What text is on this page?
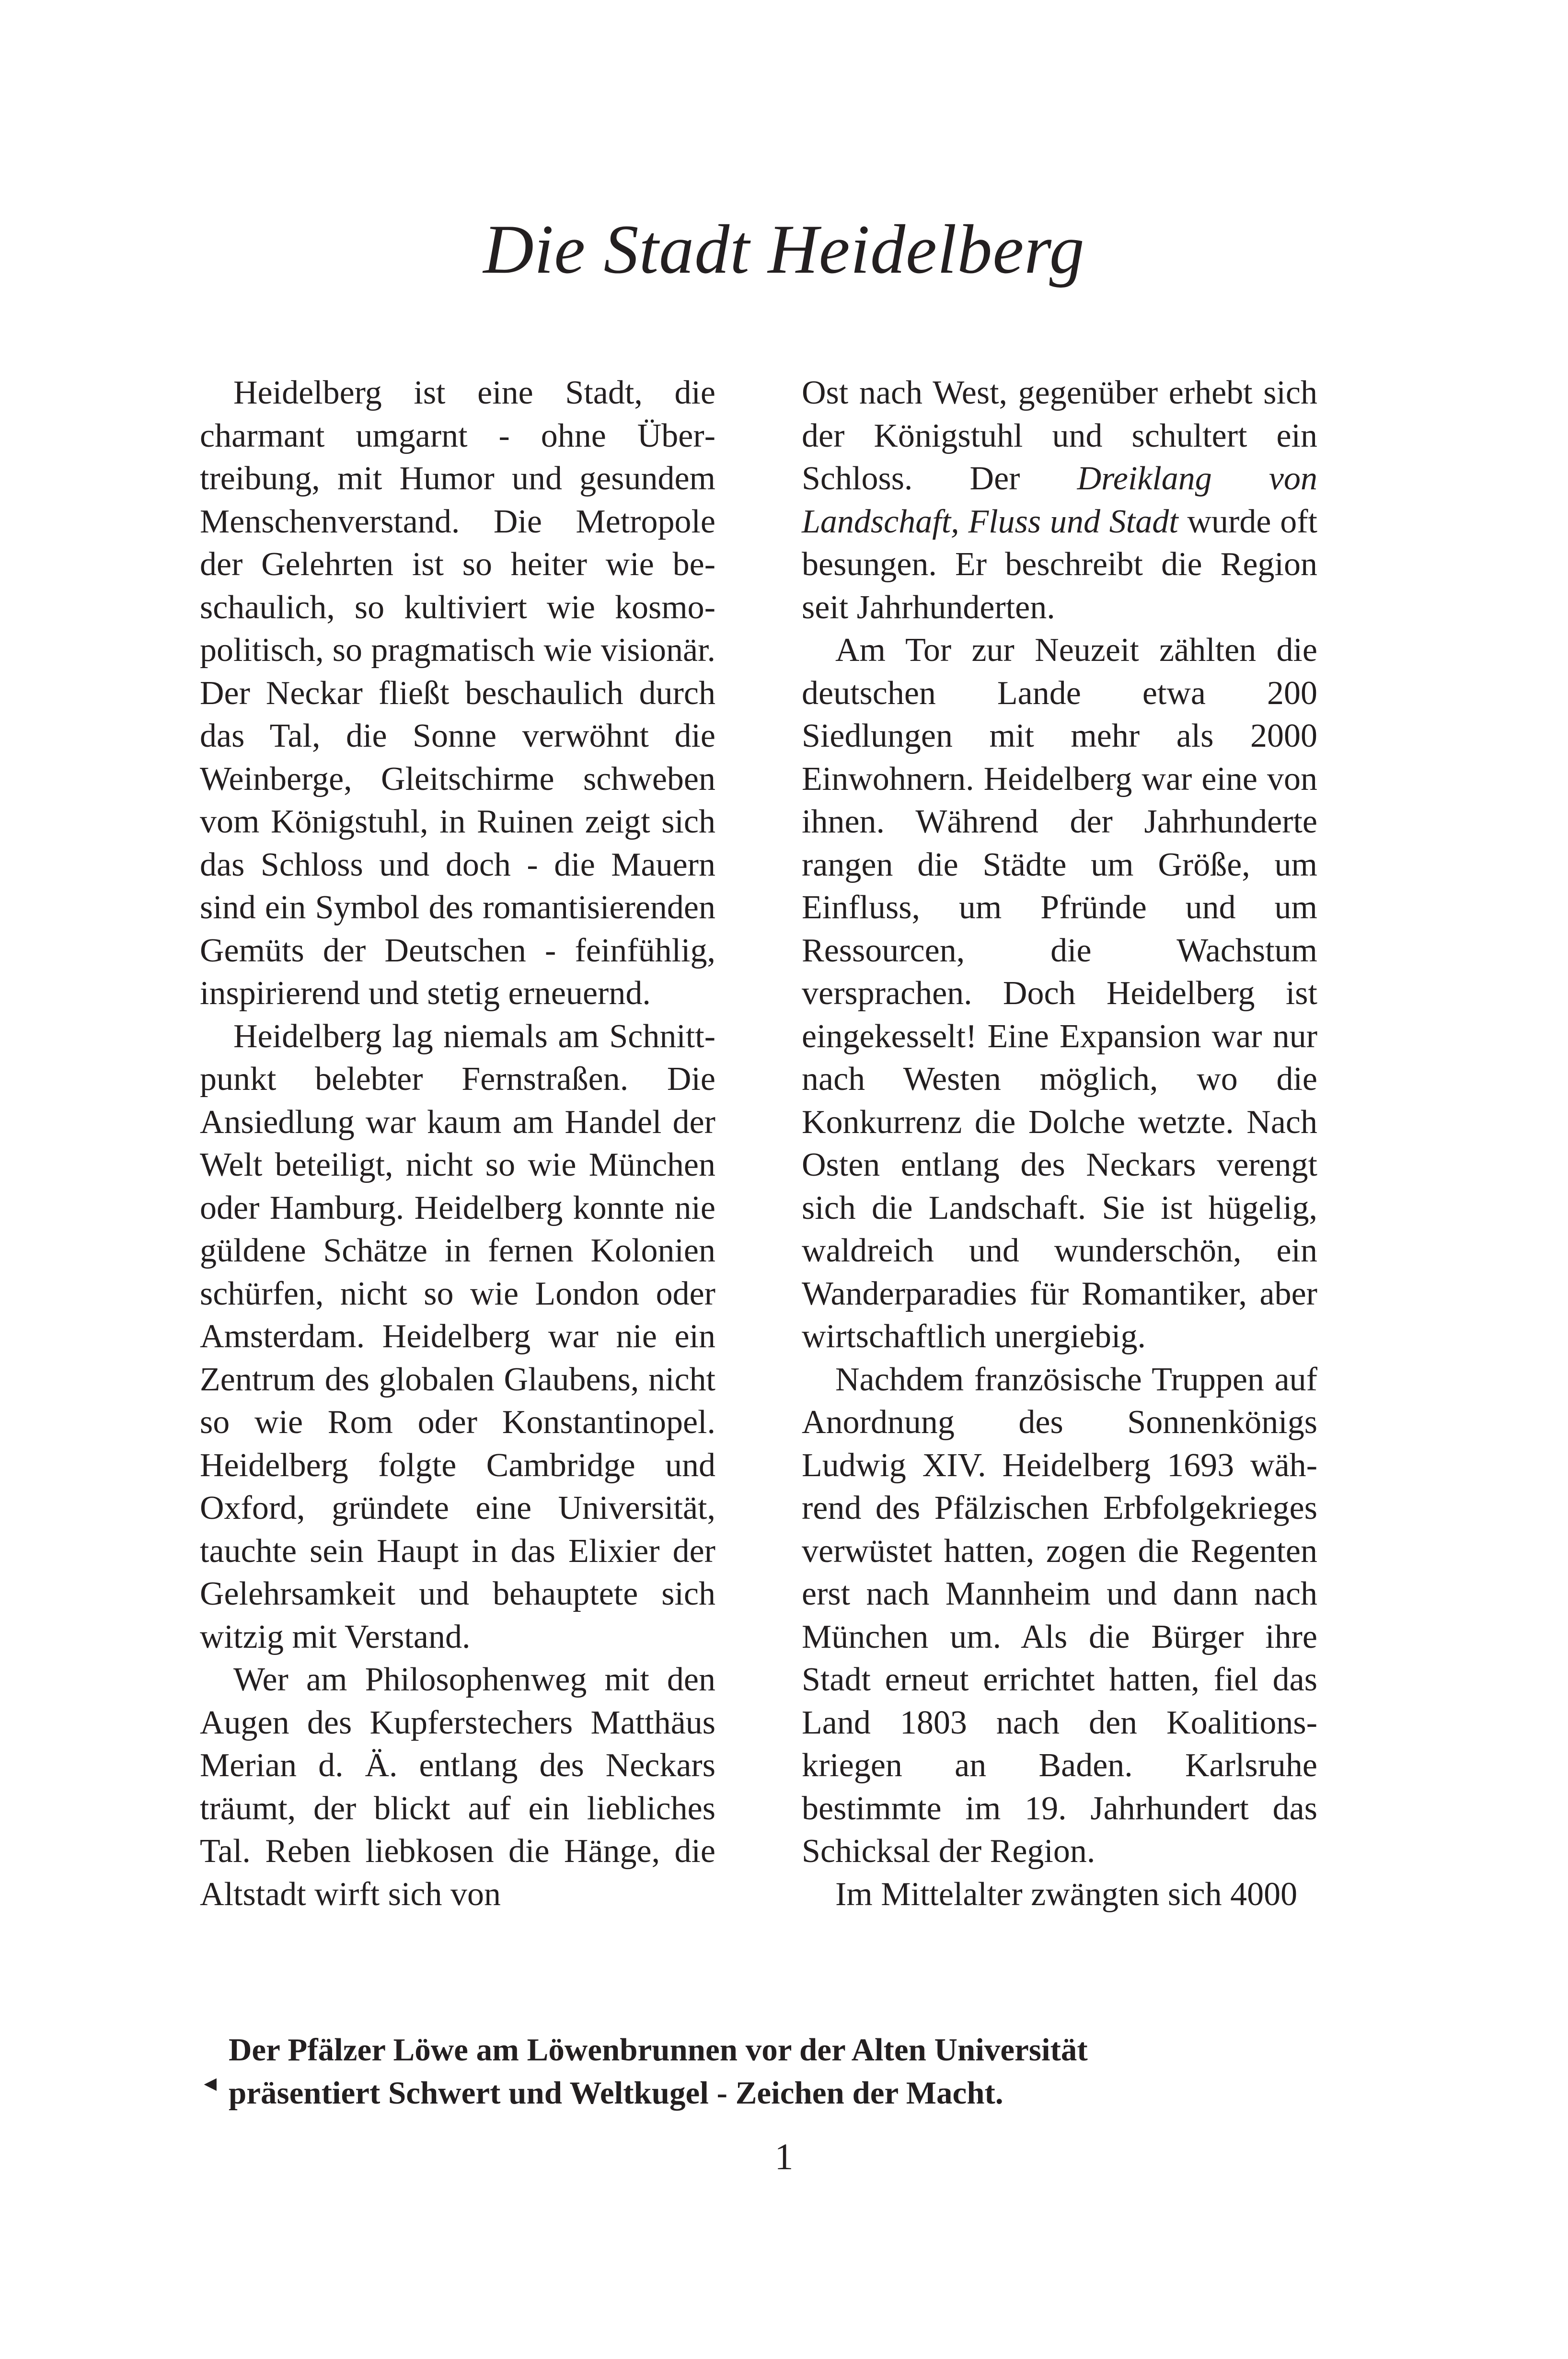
Die Stadt Heidelberg

Heidelberg ist eine Stadt, die charmant umgarnt - ohne Übertreibung, mit Humor und gesundem Menschenverstand. Die Metropole der Gelehrten ist so heiter wie beschaulich, so kultiviert wie kosmopolitisch, so pragmatisch wie visionär. Der Neckar fließt beschaulich durch das Tal, die Sonne verwöhnt die Weinberge, Gleitschirme schweben vom Königstuhl, in Ruinen zeigt sich das Schloss und doch - die Mauern sind ein Symbol des romantisierenden Gemüts der Deutschen - feinfühlig, inspirierend und stetig erneuernd.

Heidelberg lag niemals am Schnittpunkt belebter Fernstraßen. Die Ansiedlung war kaum am Handel der Welt beteiligt, nicht so wie München oder Hamburg. Heidelberg konnte nie güldene Schätze in fernen Kolonien schürfen, nicht so wie London oder Amsterdam. Heidelberg war nie ein Zentrum des globalen Glaubens, nicht so wie Rom oder Konstantinopel. Heidelberg folgte Cambridge und Oxford, gründete eine Universität, tauchte sein Haupt in das Elixier der Gelehrsamkeit und behauptete sich witzig mit Verstand.

Wer am Philosophenweg mit den Augen des Kupferstechers Matthäus Merian d. Ä. entlang des Neckars träumt, der blickt auf ein liebliches Tal. Reben liebkosen die Hänge, die Altstadt wirft sich von

Ost nach West, gegenüber erhebt sich der Königstuhl und schultert ein Schloss. Der Dreiklang von Landschaft, Fluss und Stadt wurde oft besungen. Er beschreibt die Region seit Jahrhunderten.

Am Tor zur Neuzeit zählten die deutschen Lande etwa 200 Siedlungen mit mehr als 2000 Einwohnern. Heidelberg war eine von ihnen. Während der Jahrhunderte rangen die Städte um Größe, um Einfluss, um Pfründe und um Ressourcen, die Wachstum versprachen. Doch Heidelberg ist eingekesselt! Eine Expansion war nur nach Westen möglich, wo die Konkurrenz die Dolche wetzte. Nach Osten entlang des Neckars verengt sich die Landschaft. Sie ist hügelig, waldreich und wunderschön, ein Wanderparadies für Romantiker, aber wirtschaftlich unergiebig.

Nachdem französische Truppen auf Anordnung des Sonnenkönigs Ludwig XIV. Heidelberg 1693 während des Pfälzischen Erbfolgekrieges verwüstet hatten, zogen die Regenten erst nach Mannheim und dann nach München um. Als die Bürger ihre Stadt erneut errichtet hatten, fiel das Land 1803 nach den Koalitionskriegen an Baden. Karlsruhe bestimmte im 19. Jahrhundert das Schicksal der Region.

Im Mittelalter zwängten sich 4000

◄
Der Pfälzer Löwe am Löwenbrunnen vor der Alten Universität
präsentiert Schwert und Weltkugel - Zeichen der Macht.
1
